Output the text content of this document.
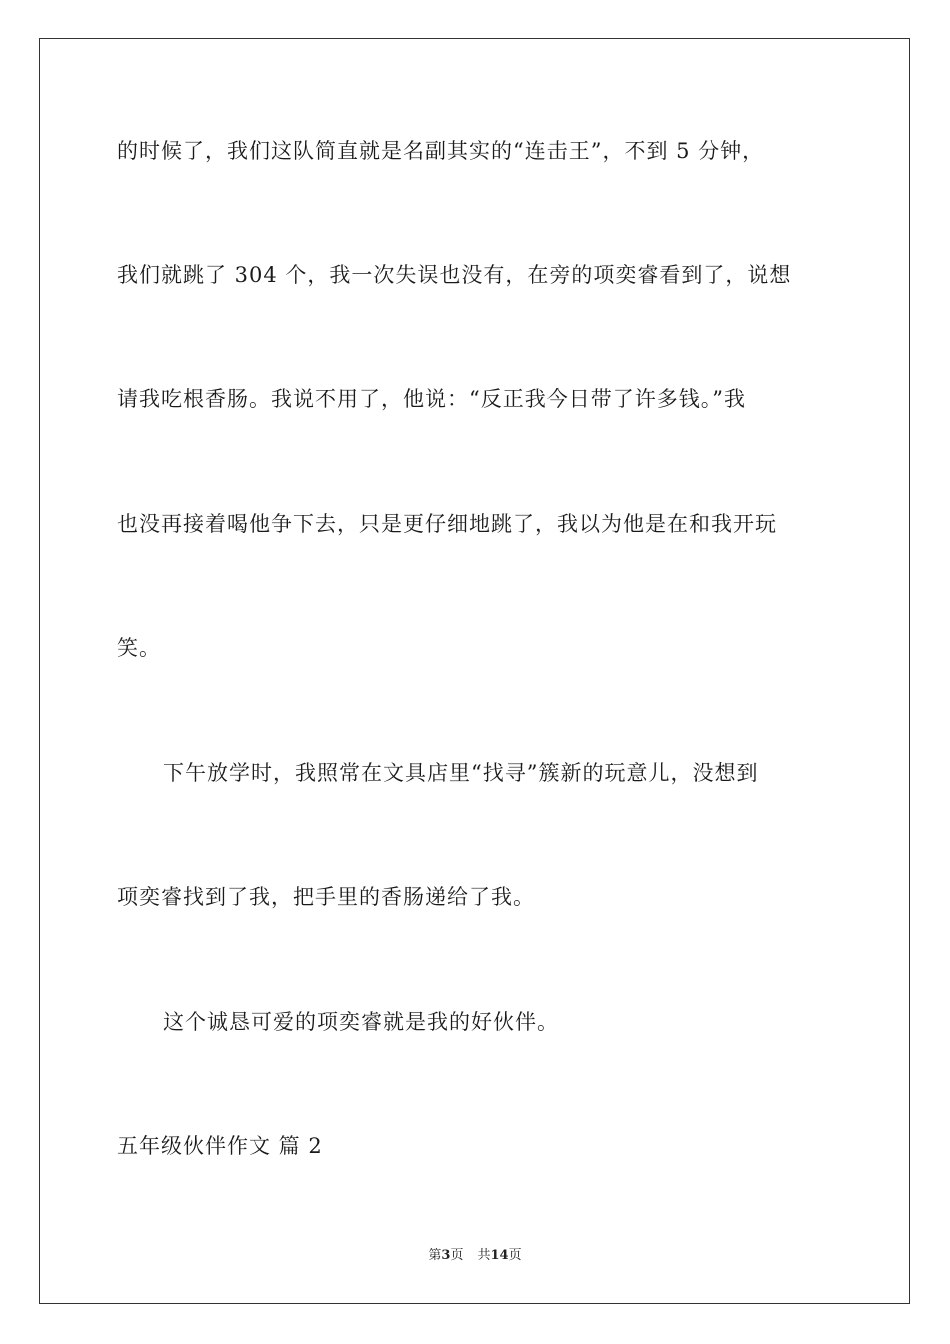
的时候了，我们这队简直就是名副其实的“连击王”，不到 5 分钟，
我们就跳了 304 个，我一次失误也没有，在旁的项奕睿看到了，说想
请我吃根香肠。我说不用了，他说：“反正我今日带了许多钱。”我
也没再接着喝他争下去，只是更仔细地跳了，我以为他是在和我开玩
笑。
下午放学时，我照常在文具店里“找寻”簇新的玩意儿，没想到
项奕睿找到了我，把手里的香肠递给了我。
这个诚恳可爱的项奕睿就是我的好伙伴。
五年级伙伴作文 篇 2
第3页 共14页
